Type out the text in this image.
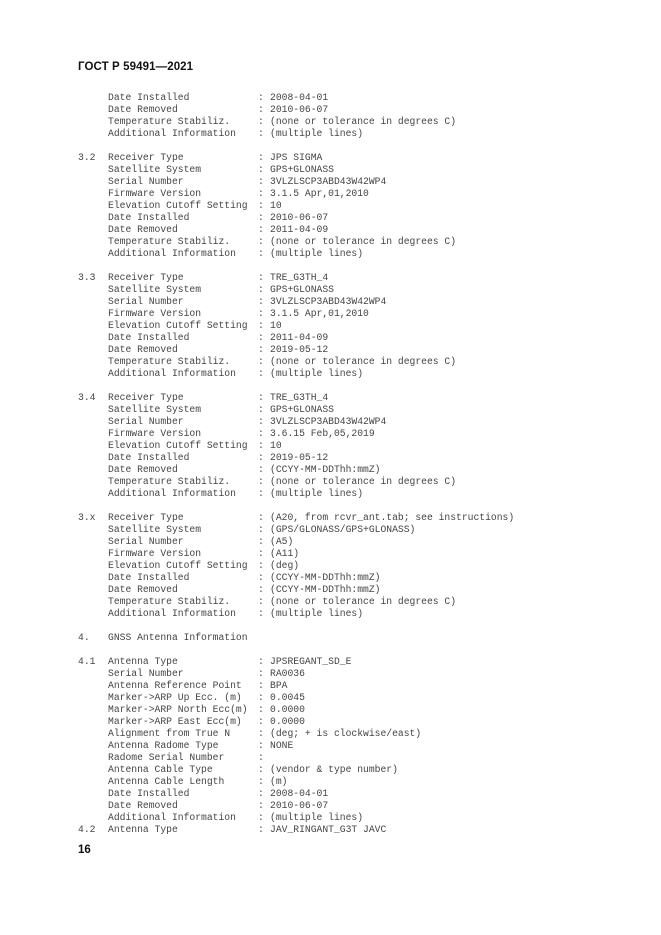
ГОСТ Р 59491—2021
Date Installed	: 2008-04-01
Date Removed	: 2010-06-07
Temperature Stabiliz.	: (none or tolerance in degrees C)
Additional Information	: (multiple lines)
3.2	Receiver Type	: JPS SIGMA
Satellite System	: GPS+GLONASS
Serial Number	: 3VLZLSCP3ABD43W42WP4
Firmware Version	: 3.1.5 Apr,01,2010
Elevation Cutoff Setting	: 10
Date Installed	: 2010-06-07
Date Removed	: 2011-04-09
Temperature Stabiliz.	: (none or tolerance in degrees C)
Additional Information	: (multiple lines)
3.3	Receiver Type	: TRE_G3TH_4
Satellite System	: GPS+GLONASS
Serial Number	: 3VLZLSCP3ABD43W42WP4
Firmware Version	: 3.1.5 Apr,01,2010
Elevation Cutoff Setting	: 10
Date Installed	: 2011-04-09
Date Removed	: 2019-05-12
Temperature Stabiliz.	: (none or tolerance in degrees C)
Additional Information	: (multiple lines)
3.4	Receiver Type	: TRE_G3TH_4
Satellite System	: GPS+GLONASS
Serial Number	: 3VLZLSCP3ABD43W42WP4
Firmware Version	: 3.6.15 Feb,05,2019
Elevation Cutoff Setting	: 10
Date Installed	: 2019-05-12
Date Removed	: (CCYY-MM-DDThh:mmZ)
Temperature Stabiliz.	: (none or tolerance in degrees C)
Additional Information	: (multiple lines)
3.x	Receiver Type	: (A20, from rcvr_ant.tab; see instructions)
Satellite System	: (GPS/GLONASS/GPS+GLONASS)
Serial Number	: (A5)
Firmware Version	: (A11)
Elevation Cutoff Setting	: (deg)
Date Installed	: (CCYY-MM-DDThh:mmZ)
Date Removed	: (CCYY-MM-DDThh:mmZ)
Temperature Stabiliz.	: (none or tolerance in degrees C)
Additional Information	: (multiple lines)
4.	GNSS Antenna Information
4.1	Antenna Type	: JPSREGANT_SD_E
Serial Number	: RA0036
Antenna Reference Point	: BPA
Marker->ARP Up Ecc. (m)	: 0.0045
Marker->ARP North Ecc(m)	: 0.0000
Marker->ARP East Ecc(m)	: 0.0000
Alignment from True N	: (deg; + is clockwise/east)
Antenna Radome Type	: NONE
Radome Serial Number	:
Antenna Cable Type	: (vendor & type number)
Antenna Cable Length	: (m)
Date Installed	: 2008-04-01
Date Removed	: 2010-06-07
Additional Information	: (multiple lines)
4.2	Antenna Type	: JAV_RINGANT_G3T JAVC
16
